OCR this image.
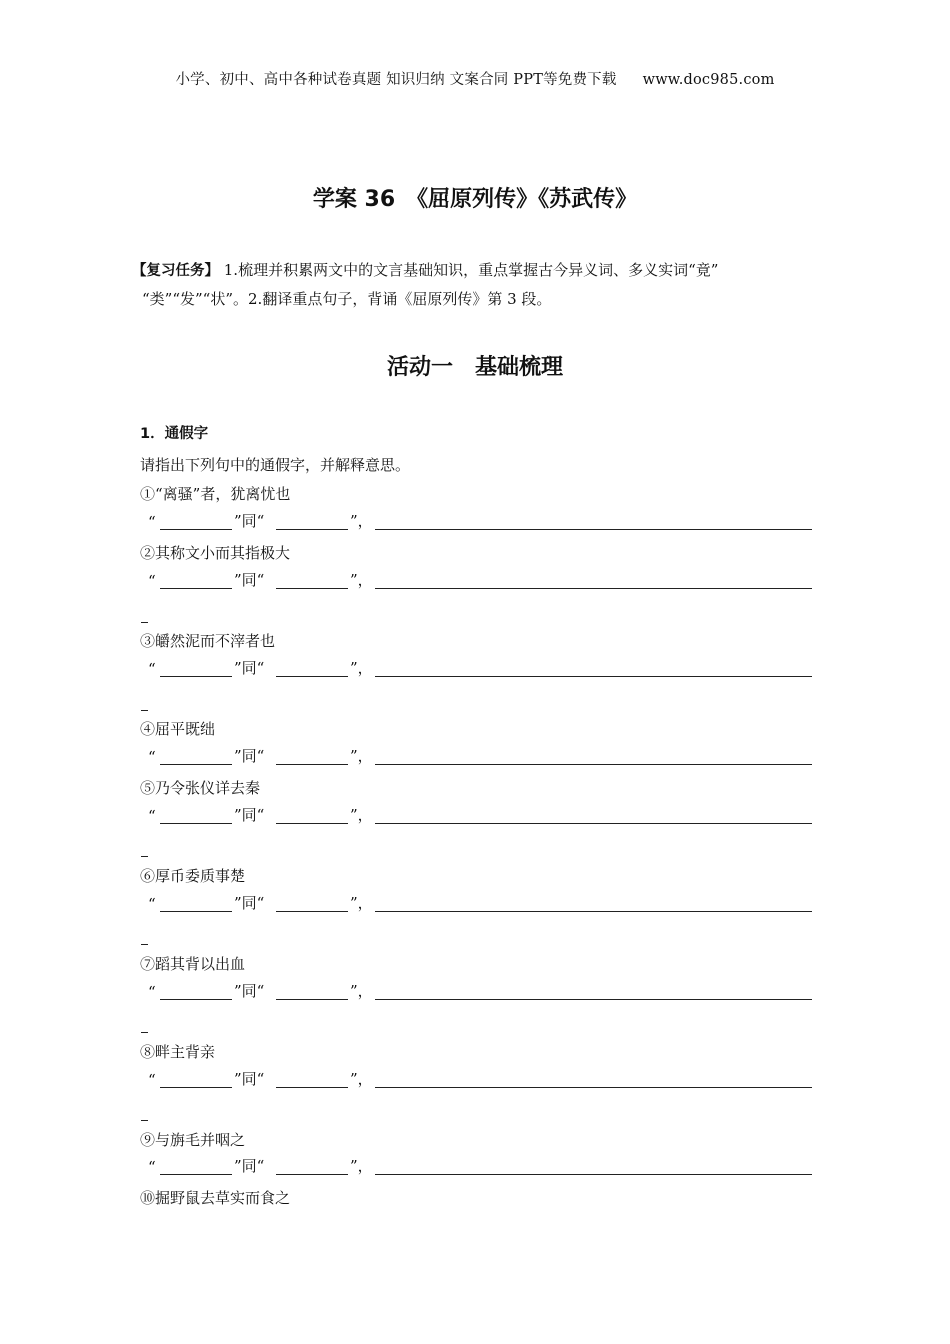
小学、初中、高中各种试卷真题 知识归纳 文案合同 PPT等免费下载 www.doc985.com
学案 36　《屈原列传》《苏武传》
【复习任务】 1.梳理并积累两文中的文言基础知识，重点掌握古今异义词、多义实词“竟”
“类”“发”“状”。2.翻译重点句子，背诵《屈原列传》第 3 段。
活动一　基础梳理
1．通假字
请指出下列句中的通假字，并解释意思。
①“离骚”者，犹离忧也
“	”同“	”，
②其称文小而其指极大
“	”同“	”，
③皭然泥而不滓者也
“	”同“	”，
④屈平既绌
“	”同“	”，
⑤乃令张仪详去秦
“	”同“	”，
⑥厚币委质事楚
“	”同“	”，
⑦蹈其背以出血
“	”同“	”，
⑧畔主背亲
“	”同“	”，
⑨与旃毛并咽之
“	”同“	”，
⑩掘野鼠去草实而食之
